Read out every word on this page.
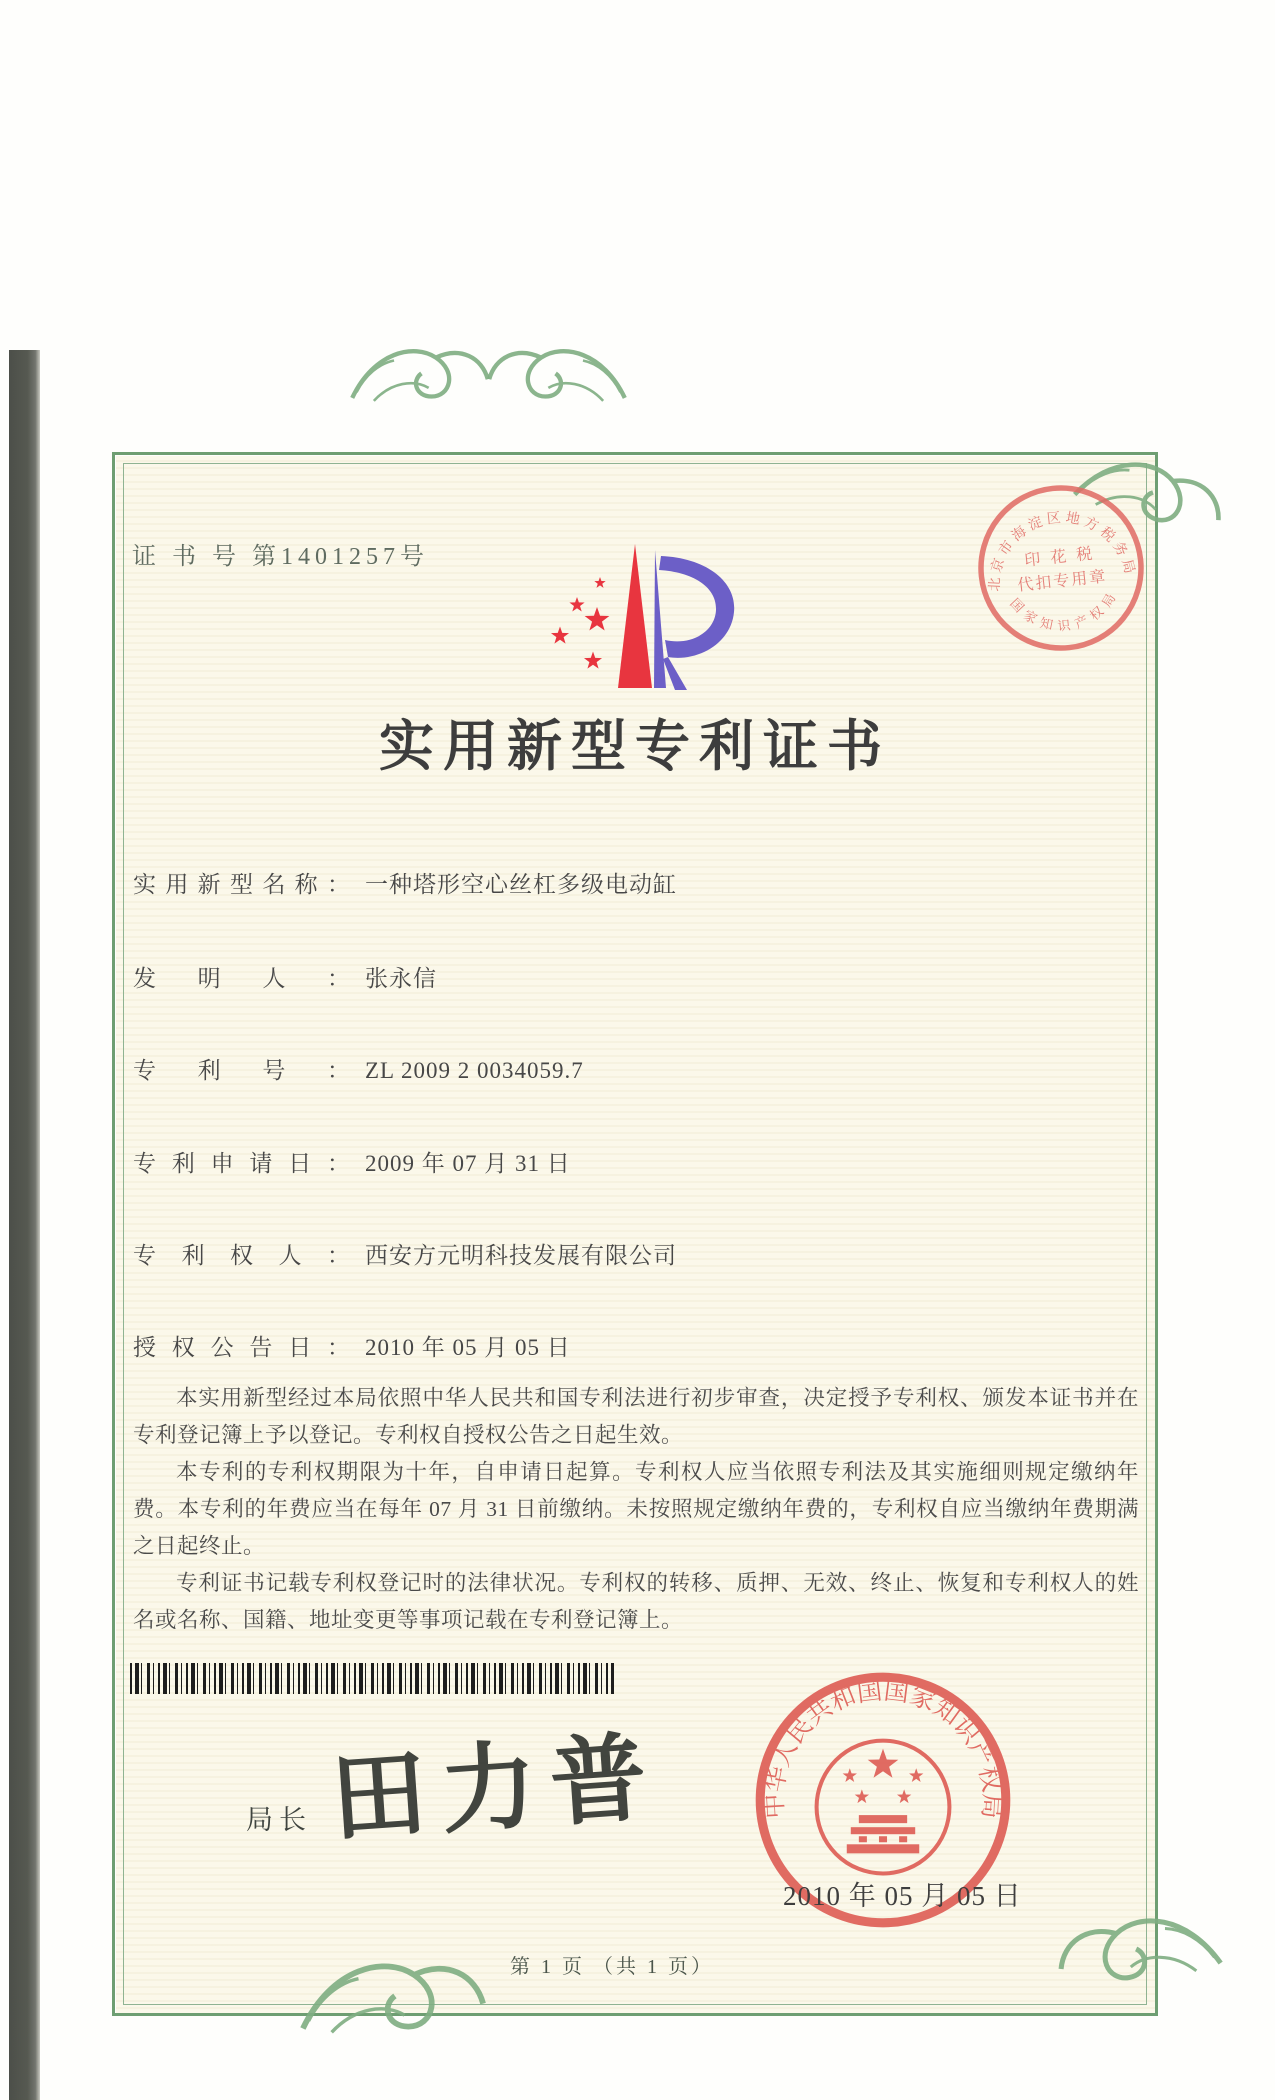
证 书 号 第1401257号
实用新型专利证书
实用新型名称： 一种塔形空心丝杠多级电动缸
发明人： 张永信
专利号： ZL 2009 2 0034059.7
专利申请日： 2009 年 07 月 31 日
专利权人： 西安方元明科技发展有限公司
授权公告日： 2010 年 05 月 05 日

本实用新型经过本局依照中华人民共和国专利法进行初步审查，决定授予专利权、颁发本证书并在专利登记簿上予以登记。专利权自授权公告之日起生效。

本专利的专利权期限为十年，自申请日起算。专利权人应当依照专利法及其实施细则规定缴纳年费。本专利的年费应当在每年 07 月 31 日前缴纳。未按照规定缴纳年费的，专利权自应当缴纳年费期满之日起终止。

专利证书记载专利权登记时的法律状况。专利权的转移、质押、无效、终止、恢复和专利权人的姓名或名称、国籍、地址变更等事项记载在专利登记簿上。

局长 田力普	中华人民共和国国家知识产权局
2010 年 05 月 05 日
第 1 页 （共 1 页）
北京市海淀区地方税务局
国家知识产权局
印 花 税
代扣专用章
